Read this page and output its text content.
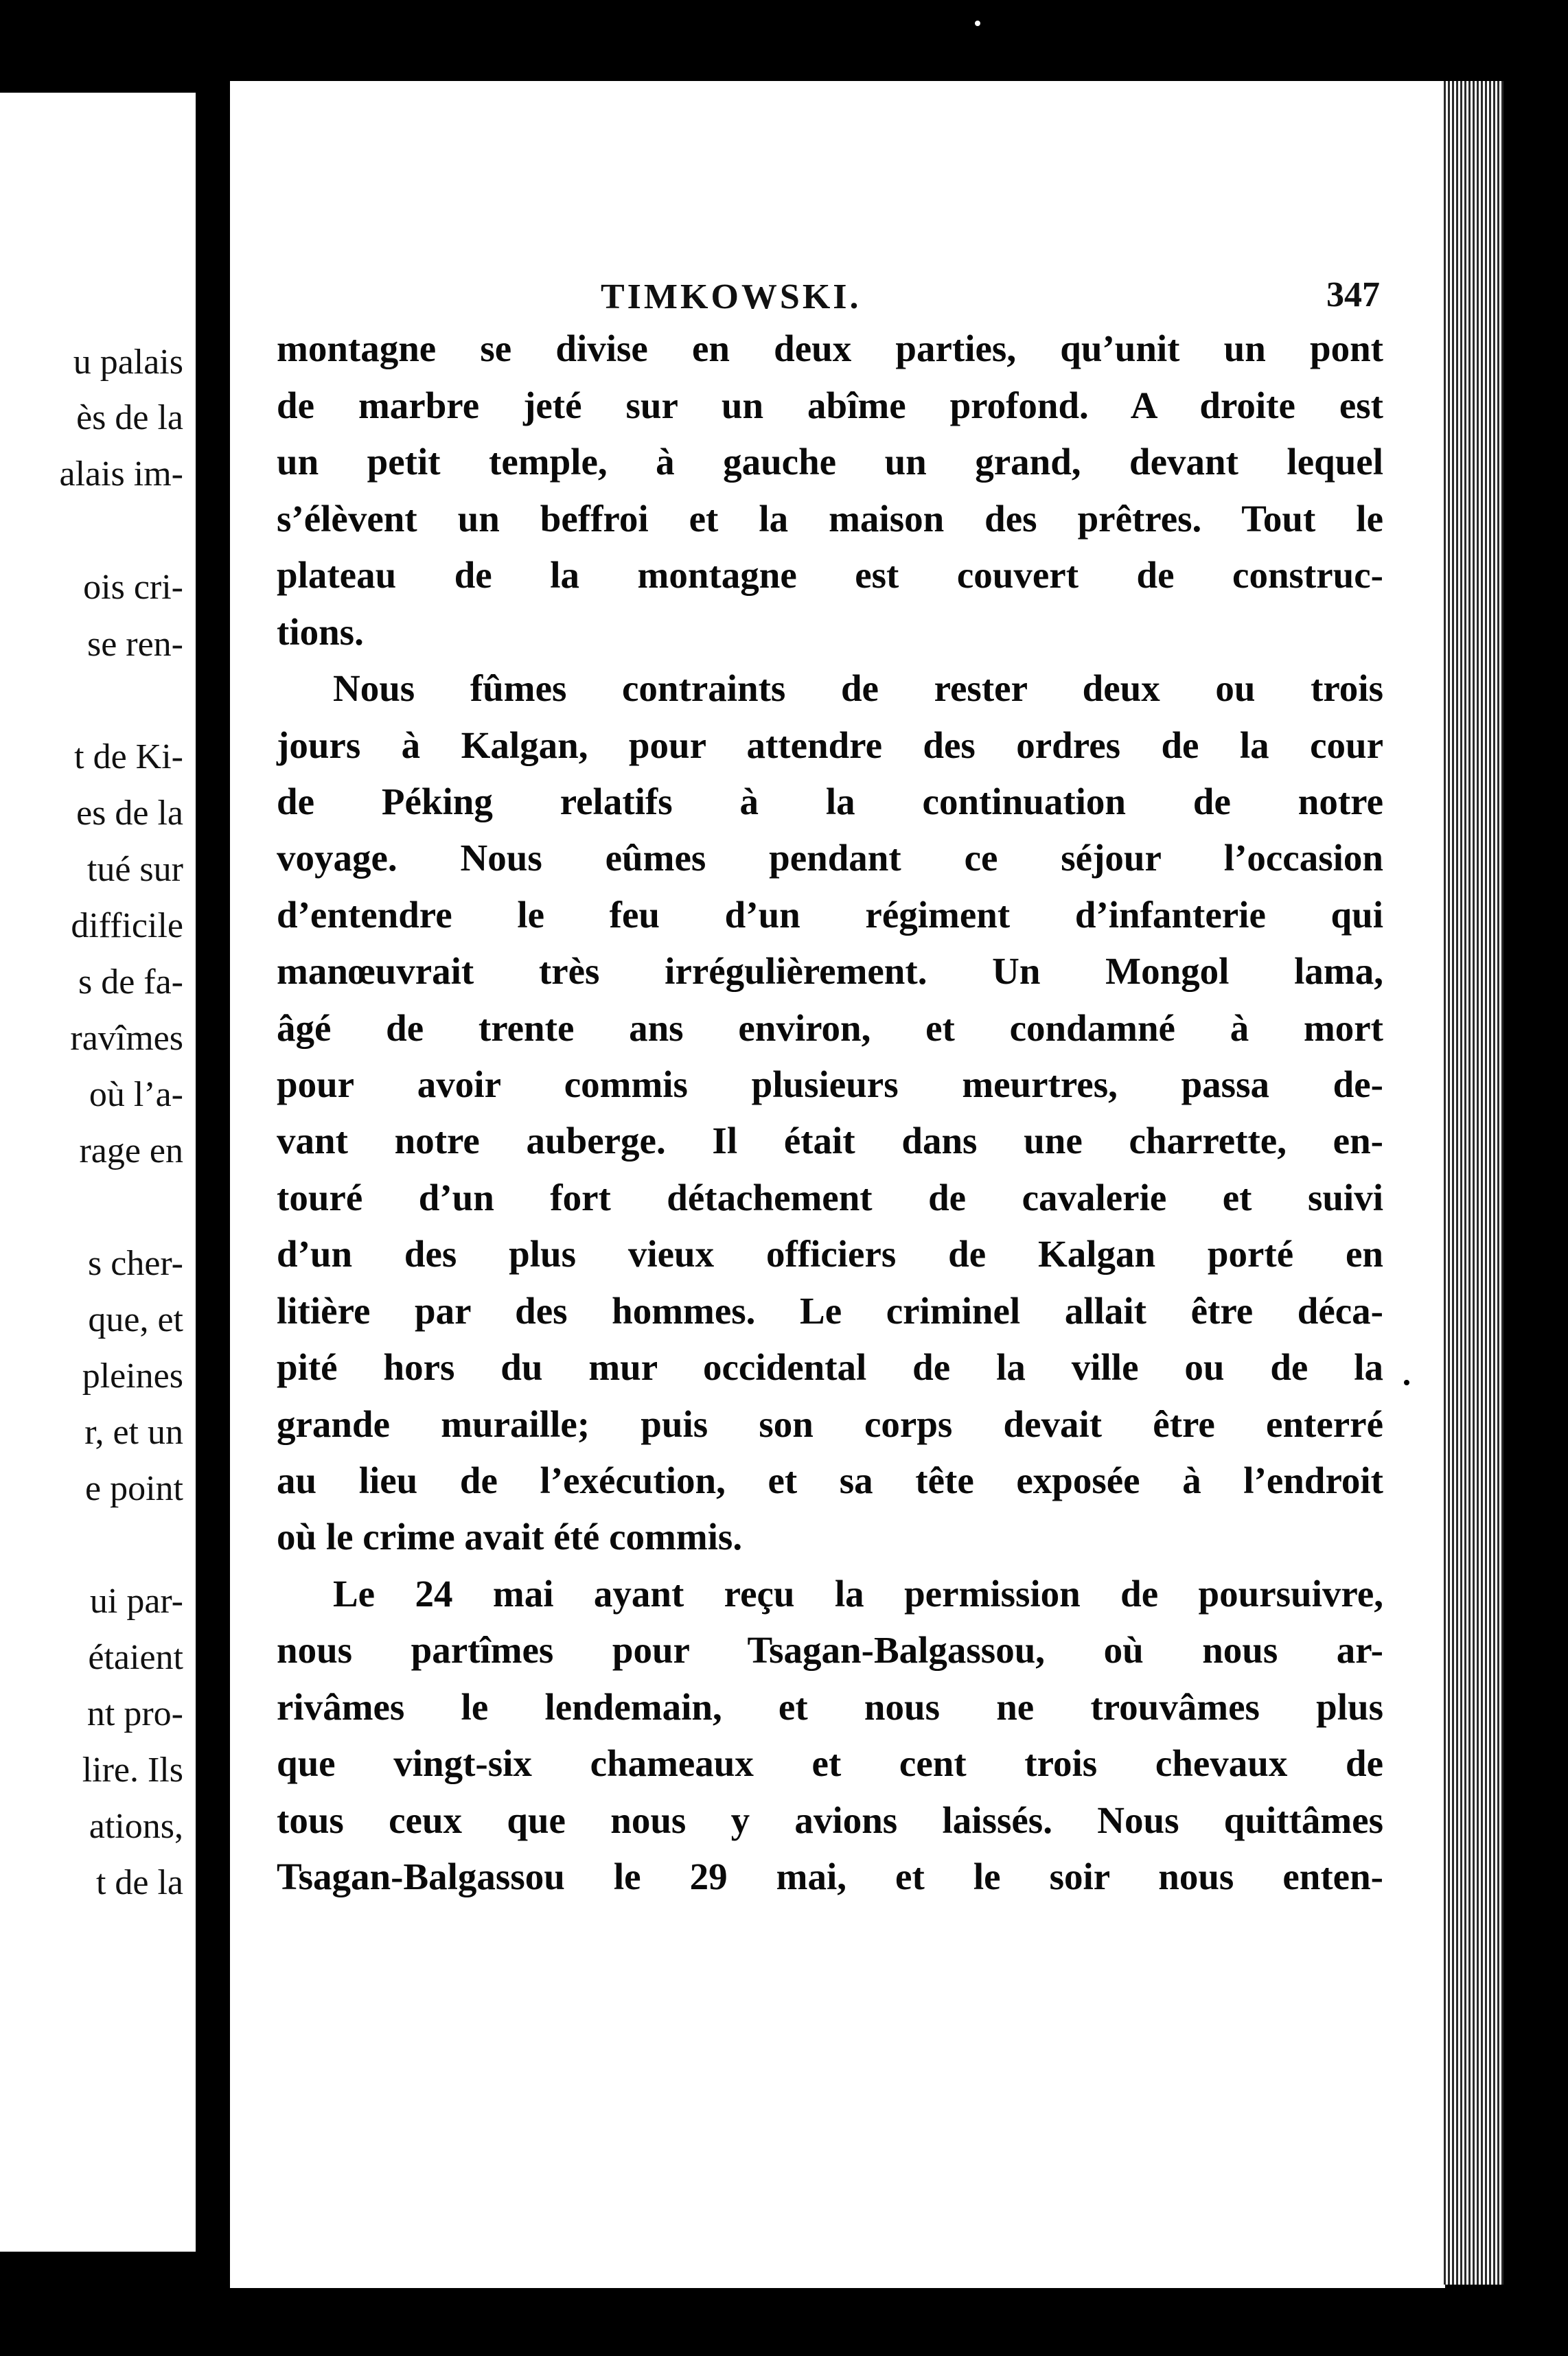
u palais
ès de la
alais im-
ois cri-
se ren-
t de Ki-
es de la
tué sur
difficile
s de fa-
ravîmes
où l’a-
rage en
s cher-
que, et
pleines
r, et un
e point
ui par-
étaient
nt pro-
lire. Ils
ations,
t de la
TIMKOWSKI.	347
montagne se divise en deux parties, qu’unit un pont
de marbre jeté sur un abîme profond. A droite est
un petit temple, à gauche un grand, devant lequel
s’élèvent un beffroi et la maison des prêtres. Tout le
plateau de la montagne est couvert de construc-
tions.
Nous fûmes contraints de rester deux ou trois
jours à Kalgan, pour attendre des ordres de la cour
de Péking relatifs à la continuation de notre
voyage. Nous eûmes pendant ce séjour l’occasion
d’entendre le feu d’un régiment d’infanterie qui
manœuvrait très irrégulièrement. Un Mongol lama,
âgé de trente ans environ, et condamné à mort
pour avoir commis plusieurs meurtres, passa de-
vant notre auberge. Il était dans une charrette, en-
touré d’un fort détachement de cavalerie et suivi
d’un des plus vieux officiers de Kalgan porté en
litière par des hommes. Le criminel allait être déca-
pité hors du mur occidental de la ville ou de la
grande muraille; puis son corps devait être enterré
au lieu de l’exécution, et sa tête exposée à l’endroit
où le crime avait été commis.
Le 24 mai ayant reçu la permission de poursuivre,
nous partîmes pour Tsagan-Balgassou, où nous ar-
rivâmes le lendemain, et nous ne trouvâmes plus
que vingt-six chameaux et cent trois chevaux de
tous ceux que nous y avions laissés. Nous quittâmes
Tsagan-Balgassou le 29 mai, et le soir nous enten-
